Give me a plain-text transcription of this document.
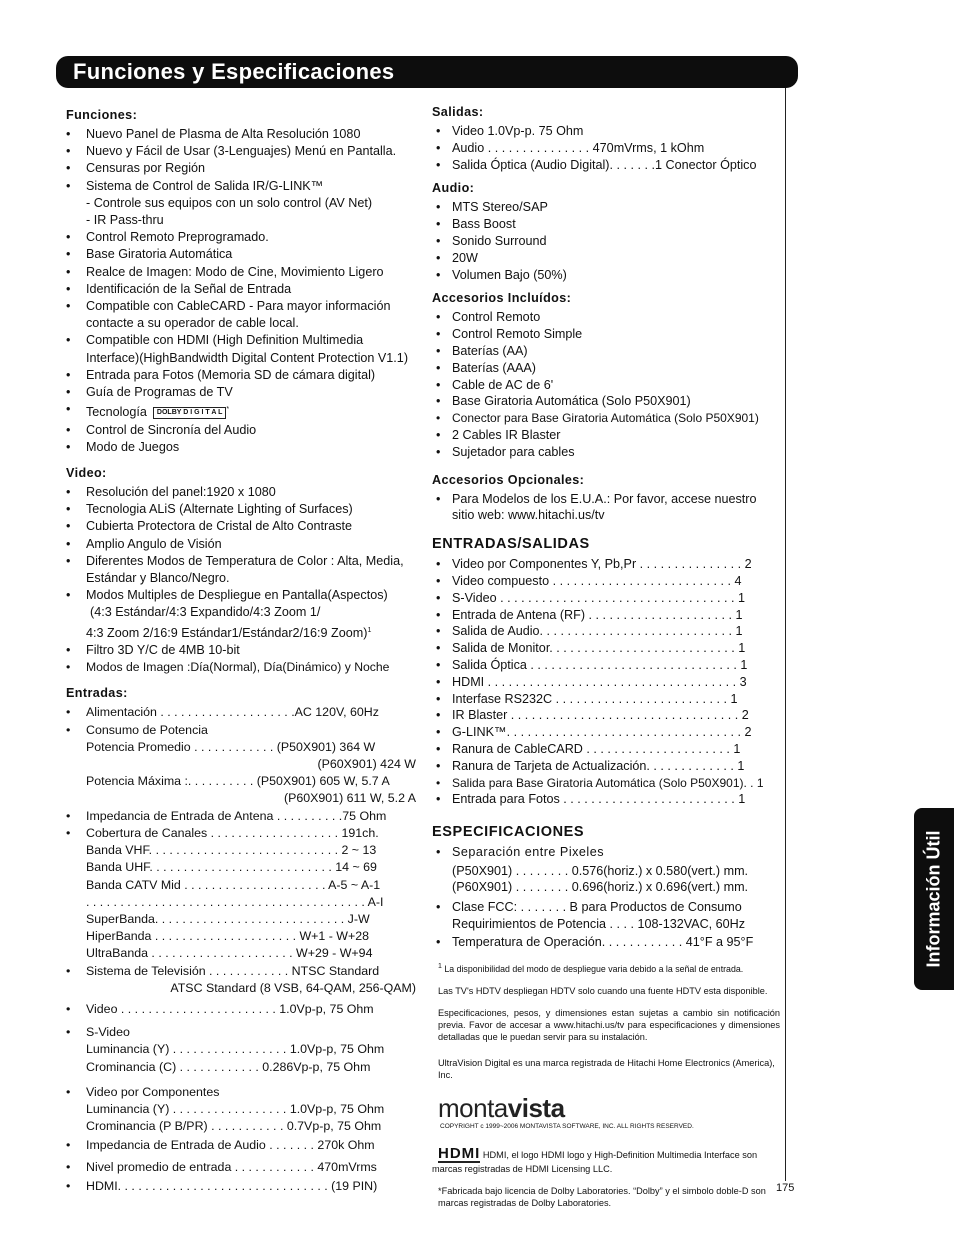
Funciones y Especificaciones
Información Útil
Funciones:
• Nuevo Panel de Plasma de Alta Resolución 1080
• Nuevo y Fácil de Usar (3-Lenguajes) Menú en Pantalla.
• Censuras por Región
• Sistema de Control de Salida IR/G-LINK™
- Controle sus equipos con un solo control (AV Net)
- IR Pass-thru
• Control Remoto Preprogramado.
• Base Giratoria Automática
• Realce de Imagen: Modo de Cine, Movimiento Ligero
• Identificación de la Señal de Entrada
• Compatible con CableCARD - Para mayor información contacte a su operador de cable local.
• Compatible con HDMI (High Definition Multimedia Interface)(HighBandwidth Digital Content Protection V1.1)
• Entrada para Fotos (Memoria SD de cámara digital)
• Guía de Programas de TV
• Tecnología DOLBY D I G I T A L *
• Control de Sincronía del Audio
• Modo de Juegos
Video:
• Resolución del panel:1920 x 1080
• Tecnologia ALiS (Alternate Lighting of Surfaces)
• Cubierta Protectora de Cristal de Alto Contraste
• Amplio Angulo de Visión
• Diferentes Modos de Temperatura de Color : Alta, Media, Estándar y Blanco/Negro.
• Modos Multiples de Despliegue en Pantalla(Aspectos)
(4:3 Estándar/4:3 Expandido/4:3 Zoom 1/
4:3 Zoom 2/16:9 Estándar1/Estándar2/16:9 Zoom)$^1$
• Filtro 3D Y/C de 4MB 10-bit
• Modos de Imagen :Día(Normal), Día(Dinámico) y Noche
Entradas:
• Alimentación . . . . . . . . . . . . . . . . . . . .AC 120V, 60Hz
• Consumo de Potencia
Potencia Promedio . . . . . . . . . . . . (P50X901) 364 W
(P60X901) 424 W
Potencia Máxima :. . . . . . . . . . (P50X901) 605 W, 5.7 A
(P60X901) 611 W, 5.2 A
• Impedancia de Entrada de Antena . . . . . . . . . .75 Ohm
• Cobertura de Canales . . . . . . . . . . . . . . . . . . . 191ch.
Banda VHF. . . . . . . . . . . . . . . . . . . . . . . . . . . . 2 ~ 13
Banda UHF. . . . . . . . . . . . . . . . . . . . . . . . . . . 14 ~ 69
Banda CATV Mid . . . . . . . . . . . . . . . . . . . . . A-5 ~ A-1
. . . . . . . . . . . . . . . . . . . . . . . . . . . . . . . . . . . . . . . . . A-I
SuperBanda. . . . . . . . . . . . . . . . . . . . . . . . . . . . J-W
HiperBanda . . . . . . . . . . . . . . . . . . . . . W+1 - W+28
UltraBanda . . . . . . . . . . . . . . . . . . . . . W+29 - W+94
• Sistema de Televisión . . . . . . . . . . . . NTSC Standard
ATSC Standard (8 VSB, 64-QAM, 256-QAM)
• Video . . . . . . . . . . . . . . . . . . . . . . . 1.0Vp-p, 75 Ohm
• S-Video
Luminancia (Y) . . . . . . . . . . . . . . . . . 1.0Vp-p, 75 Ohm
Crominancia (C) . . . . . . . . . . . . 0.286Vp-p, 75 Ohm
• Video por Componentes
Luminancia (Y) . . . . . . . . . . . . . . . . . 1.0Vp-p, 75 Ohm
Crominancia (P B/PR) . . . . . . . . . . . 0.7Vp-p, 75 Ohm
• Impedancia de Entrada de Audio . . . . . . . 270k Ohm
• Nivel promedio de entrada . . . . . . . . . . . . 470mVrms
• HDMI. . . . . . . . . . . . . . . . . . . . . . . . . . . . . . . (19 PIN)
Salidas:
• Video 1.0Vp-p. 75 Ohm
• Audio . . . . . . . . . . . . . . . 470mVrms, 1 kOhm
• Salida Óptica (Audio Digital). . . . . . .1 Conector Óptico
Audio:
• MTS Stereo/SAP
• Bass Boost
• Sonido Surround
• 20W
• Volumen Bajo (50%)
Accesorios Incluídos:
• Control Remoto
• Control Remoto Simple
• Baterías (AA)
• Baterías (AAA)
• Cable de AC de 6'
• Base Giratoria Automática (Solo P50X901)
• Conector para Base Giratoria Automática (Solo P50X901)
• 2 Cables IR Blaster
• Sujetador para cables
Accesorios Opcionales:
• Para Modelos de los E.U.A.: Por favor, accese nuestro sitio web: www.hitachi.us/tv
ENTRADAS/SALIDAS
• Video por Componentes Y, Pb,Pr . . . . . . . . . . . . . . . 2
• Video compuesto . . . . . . . . . . . . . . . . . . . . . . . . . . 4
• S-Video . . . . . . . . . . . . . . . . . . . . . . . . . . . . . . . . . . 1
• Entrada de Antena (RF) . . . . . . . . . . . . . . . . . . . . . 1
• Salida de Audio. . . . . . . . . . . . . . . . . . . . . . . . . . . . 1
• Salida de Monitor. . . . . . . . . . . . . . . . . . . . . . . . . . . 1
• Salida Óptica . . . . . . . . . . . . . . . . . . . . . . . . . . . . . . 1
• HDMI . . . . . . . . . . . . . . . . . . . . . . . . . . . . . . . . . . . . 3
• Interfase RS232C . . . . . . . . . . . . . . . . . . . . . . . . . 1
• IR Blaster . . . . . . . . . . . . . . . . . . . . . . . . . . . . . . . . . 2
• G-LINK™. . . . . . . . . . . . . . . . . . . . . . . . . . . . . . . . . . 2
• Ranura de CableCARD . . . . . . . . . . . . . . . . . . . . . 1
• Ranura de Tarjeta de Actualización. . . . . . . . . . . . . 1
• Salida para Base Giratoria Automática (Solo P50X901). . 1
• Entrada para Fotos . . . . . . . . . . . . . . . . . . . . . . . . . 1
ESPECIFICACIONES
• Separación entre Pixeles
(P50X901) . . . . . . . . 0.576(horiz.) x 0.580(vert.) mm.
(P60X901) . . . . . . . . 0.696(horiz.) x 0.696(vert.) mm.
• Clase FCC: . . . . . . . B para Productos de Consumo
Requirimientos de Potencia . . . . 108-132VAC, 60Hz
• Temperatura de Operación. . . . . . . . . . . . 41°F a 95°F

$^1$ La disponibilidad del modo de despliegue varia debido a la señal de entrada.

Las TV's HDTV despliegan HDTV solo cuando una fuente HDTV esta disponible.

Especificaciones, pesos, y dimensiones estan sujetas a cambio sin notificación previa. Favor de accesar a www.hitachi.us/tv para especificaciones y dimensiones detalladas que le puedan servir para su instalación.

UltraVision Digital es una marca registrada de Hitachi Home Electronics (America), Inc.

montavista
COPYRIGHT c 1999~2006 MONTAVISTA SOFTWARE, INC. ALL RIGHTS RESERVED.
HDMI HDMI, el logo HDMI logo y High-Definition Multimedia Interface son marcas registradas de HDMI Licensing LLC.

*Fabricada bajo licencia de Dolby Laboratories. “Dolby” y el simbolo doble-D son marcas registradas de Dolby Laboratories.

175
